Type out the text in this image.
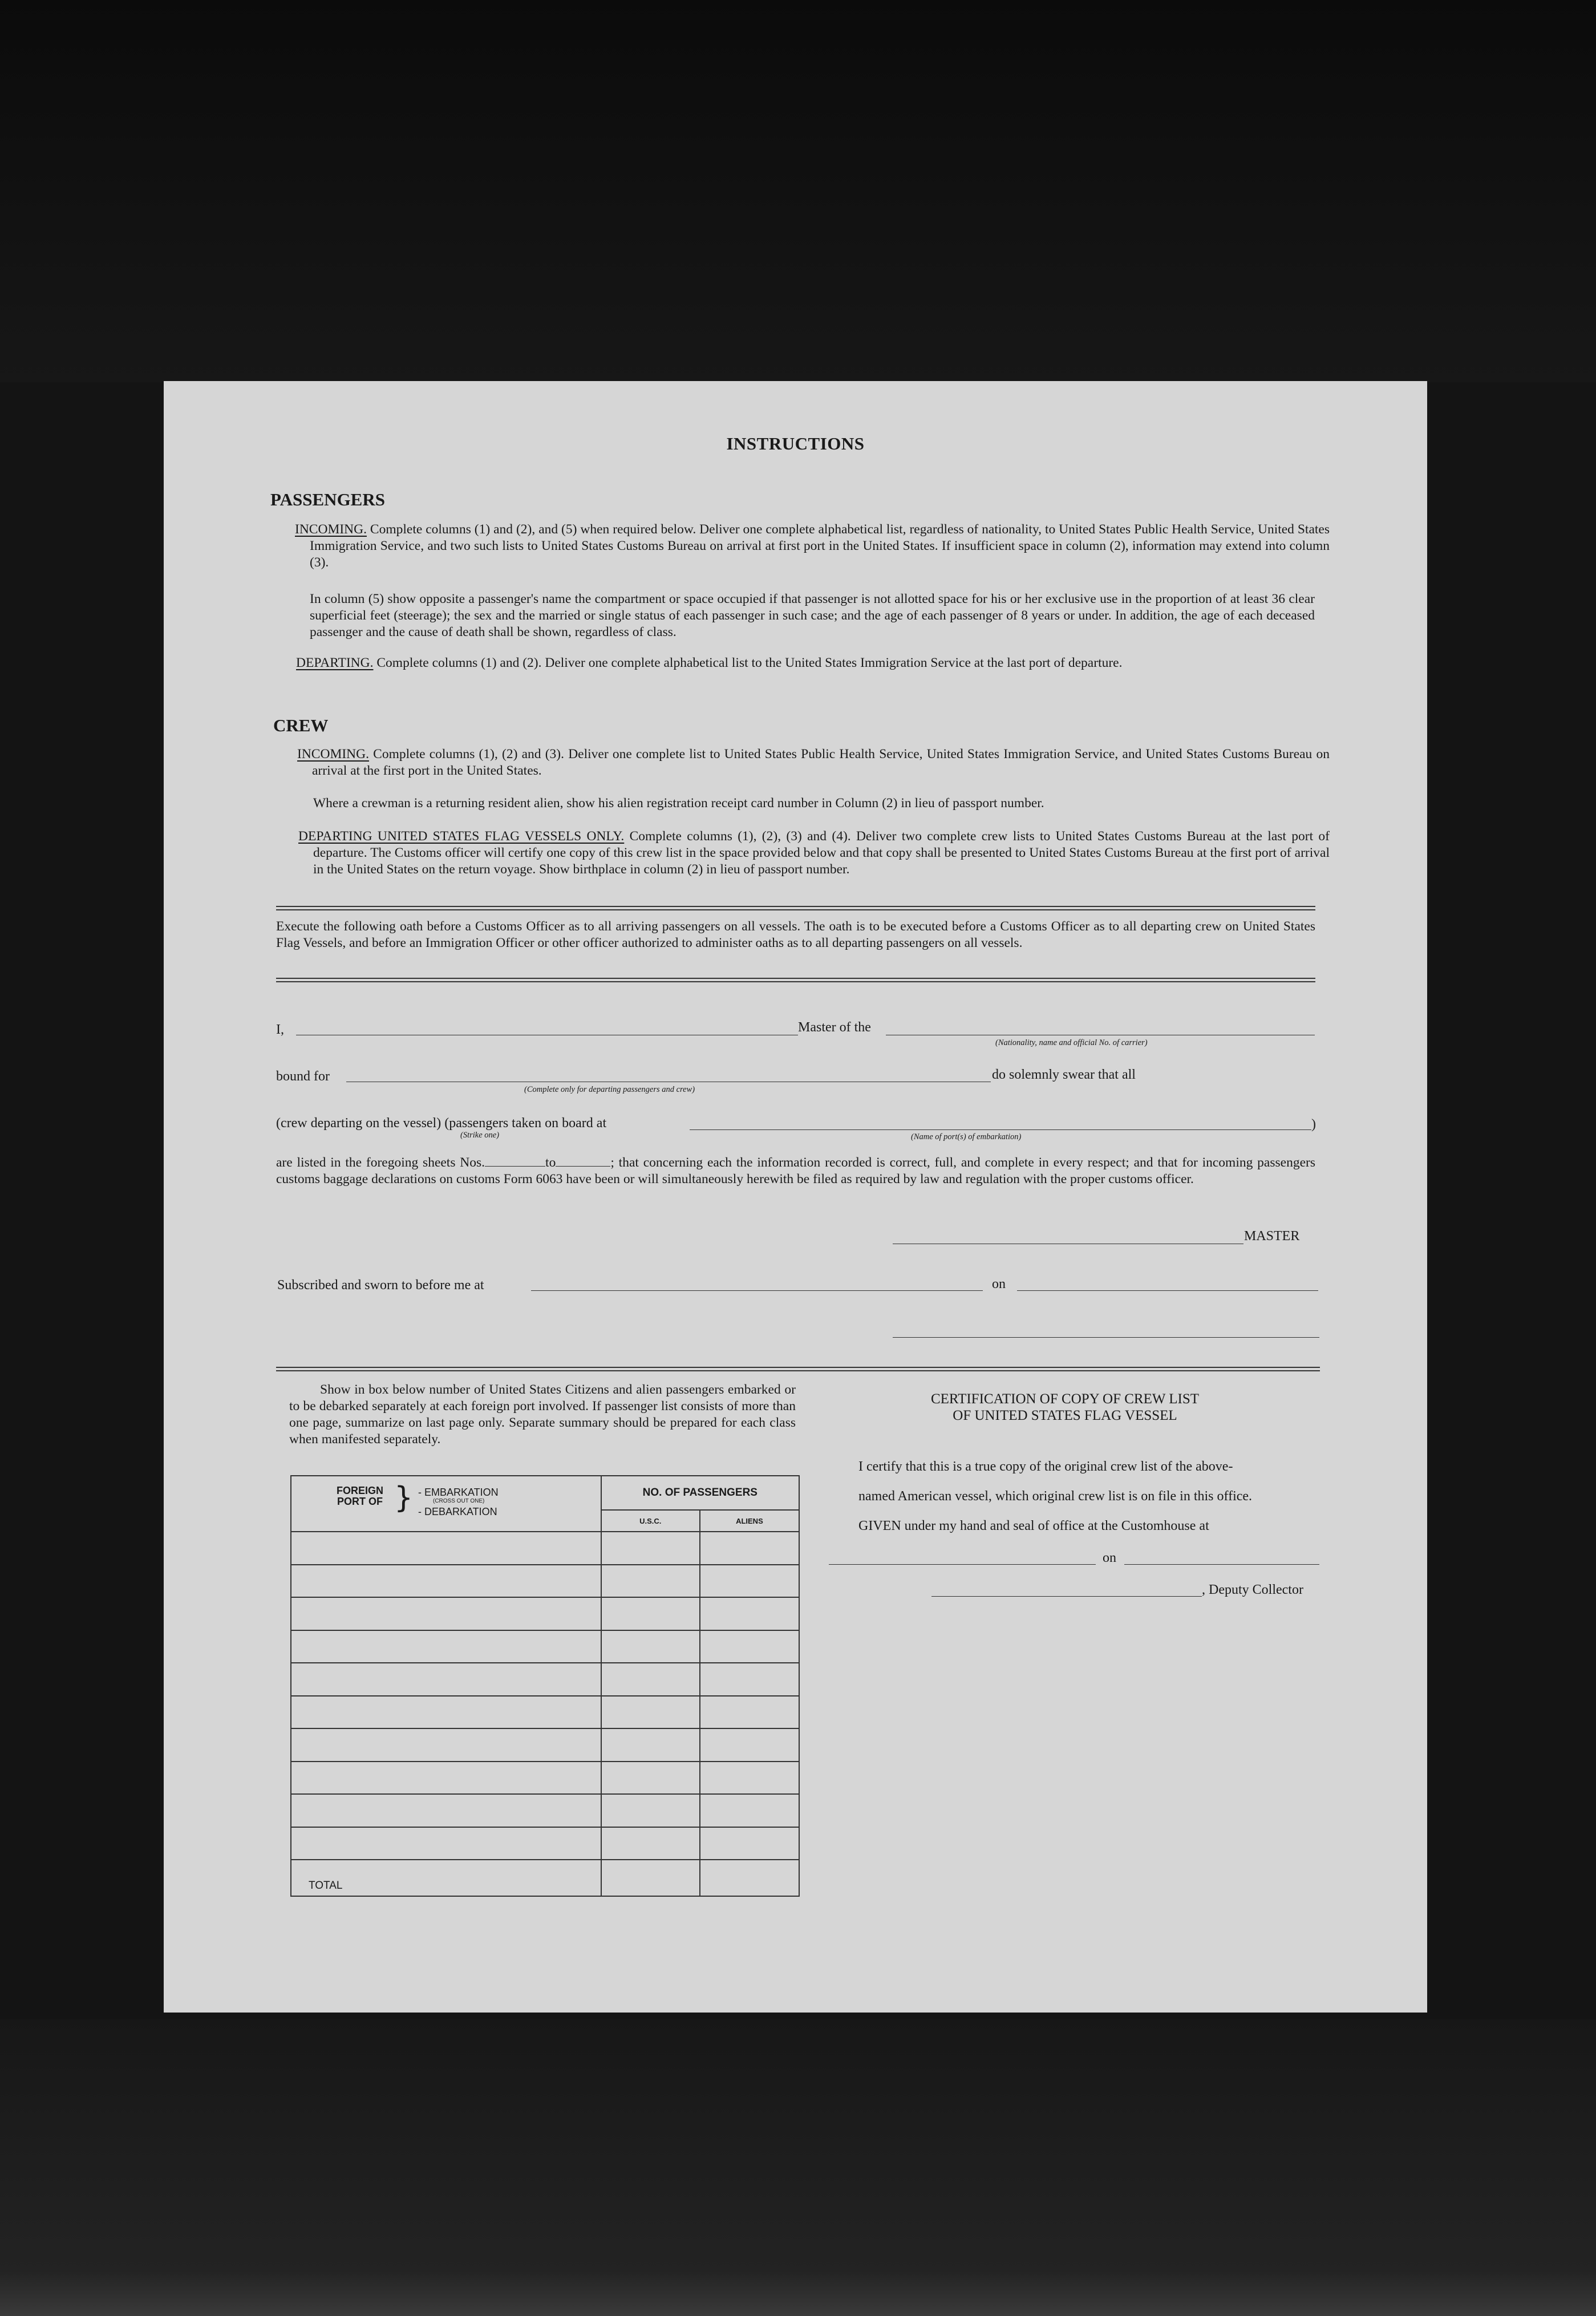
INSTRUCTIONS
PASSENGERS
INCOMING. Complete columns (1) and (2), and (5) when required below. Deliver one complete alphabetical list, regardless of nationality, to United States Public Health Service, United States Immigration Service, and two such lists to United States Customs Bureau on arrival at first port in the United States. If insufficient space in column (2), information may extend into column (3).
In column (5) show opposite a passenger's name the compartment or space occupied if that passenger is not allotted space for his or her exclusive use in the proportion of at least 36 clear superficial feet (steerage); the sex and the married or single status of each passenger in such case; and the age of each passenger of 8 years or under. In addition, the age of each deceased passenger and the cause of death shall be shown, regardless of class.
DEPARTING. Complete columns (1) and (2). Deliver one complete alphabetical list to the United States Immigration Service at the last port of departure.
CREW
INCOMING. Complete columns (1), (2) and (3). Deliver one complete list to United States Public Health Service, United States Immigration Service, and United States Customs Bureau on arrival at the first port in the United States.
Where a crewman is a returning resident alien, show his alien registration receipt card number in Column (2) in lieu of passport number.
DEPARTING UNITED STATES FLAG VESSELS ONLY. Complete columns (1), (2), (3) and (4). Deliver two complete crew lists to United States Customs Bureau at the last port of departure. The Customs officer will certify one copy of this crew list in the space provided below and that copy shall be presented to United States Customs Bureau at the first port of arrival in the United States on the return voyage. Show birthplace in column (2) in lieu of passport number.
Execute the following oath before a Customs Officer as to all arriving passengers on all vessels. The oath is to be executed before a Customs Officer as to all departing crew on United States Flag Vessels, and before an Immigration Officer or other officer authorized to administer oaths as to all departing passengers on all vessels.
I,	Master of the
(Nationality, name and official No. of carrier)
bound for
(Complete only for departing passengers and crew)
do solemnly swear that all
(crew departing on the vessel) (passengers taken on board at
(Strike one)
)
(Name of port(s) of embarkation)
are listed in the foregoing sheets Nos.	to	; that concerning each the information recorded is correct, full, and complete in every respect; and that for incoming passengers customs baggage declarations on customs Form 6063 have been or will simultaneously herewith be filed as required by law and regulation with the proper customs officer.
MASTER
Subscribed and sworn to before me at	on
Show in box below number of United States Citizens and alien passengers embarked or to be debarked separately at each foreign port involved. If passenger list consists of more than one page, summarize on last page only. Separate summary should be prepared for each class when manifested separately.
FOREIGN PORT OF } - EMBARKATION
(CROSS OUT ONE)
- DEBARKATION	NO. OF PASSENGERS	
	U.S.C.	ALIENS

TOTAL		
CERTIFICATION OF COPY OF CREW LIST
OF UNITED STATES FLAG VESSEL
I certify that this is a true copy of the original crew list of the above-
named American vessel, which original crew list is on file in this office.
GIVEN under my hand and seal of office at the Customhouse at
on
, Deputy Collector
